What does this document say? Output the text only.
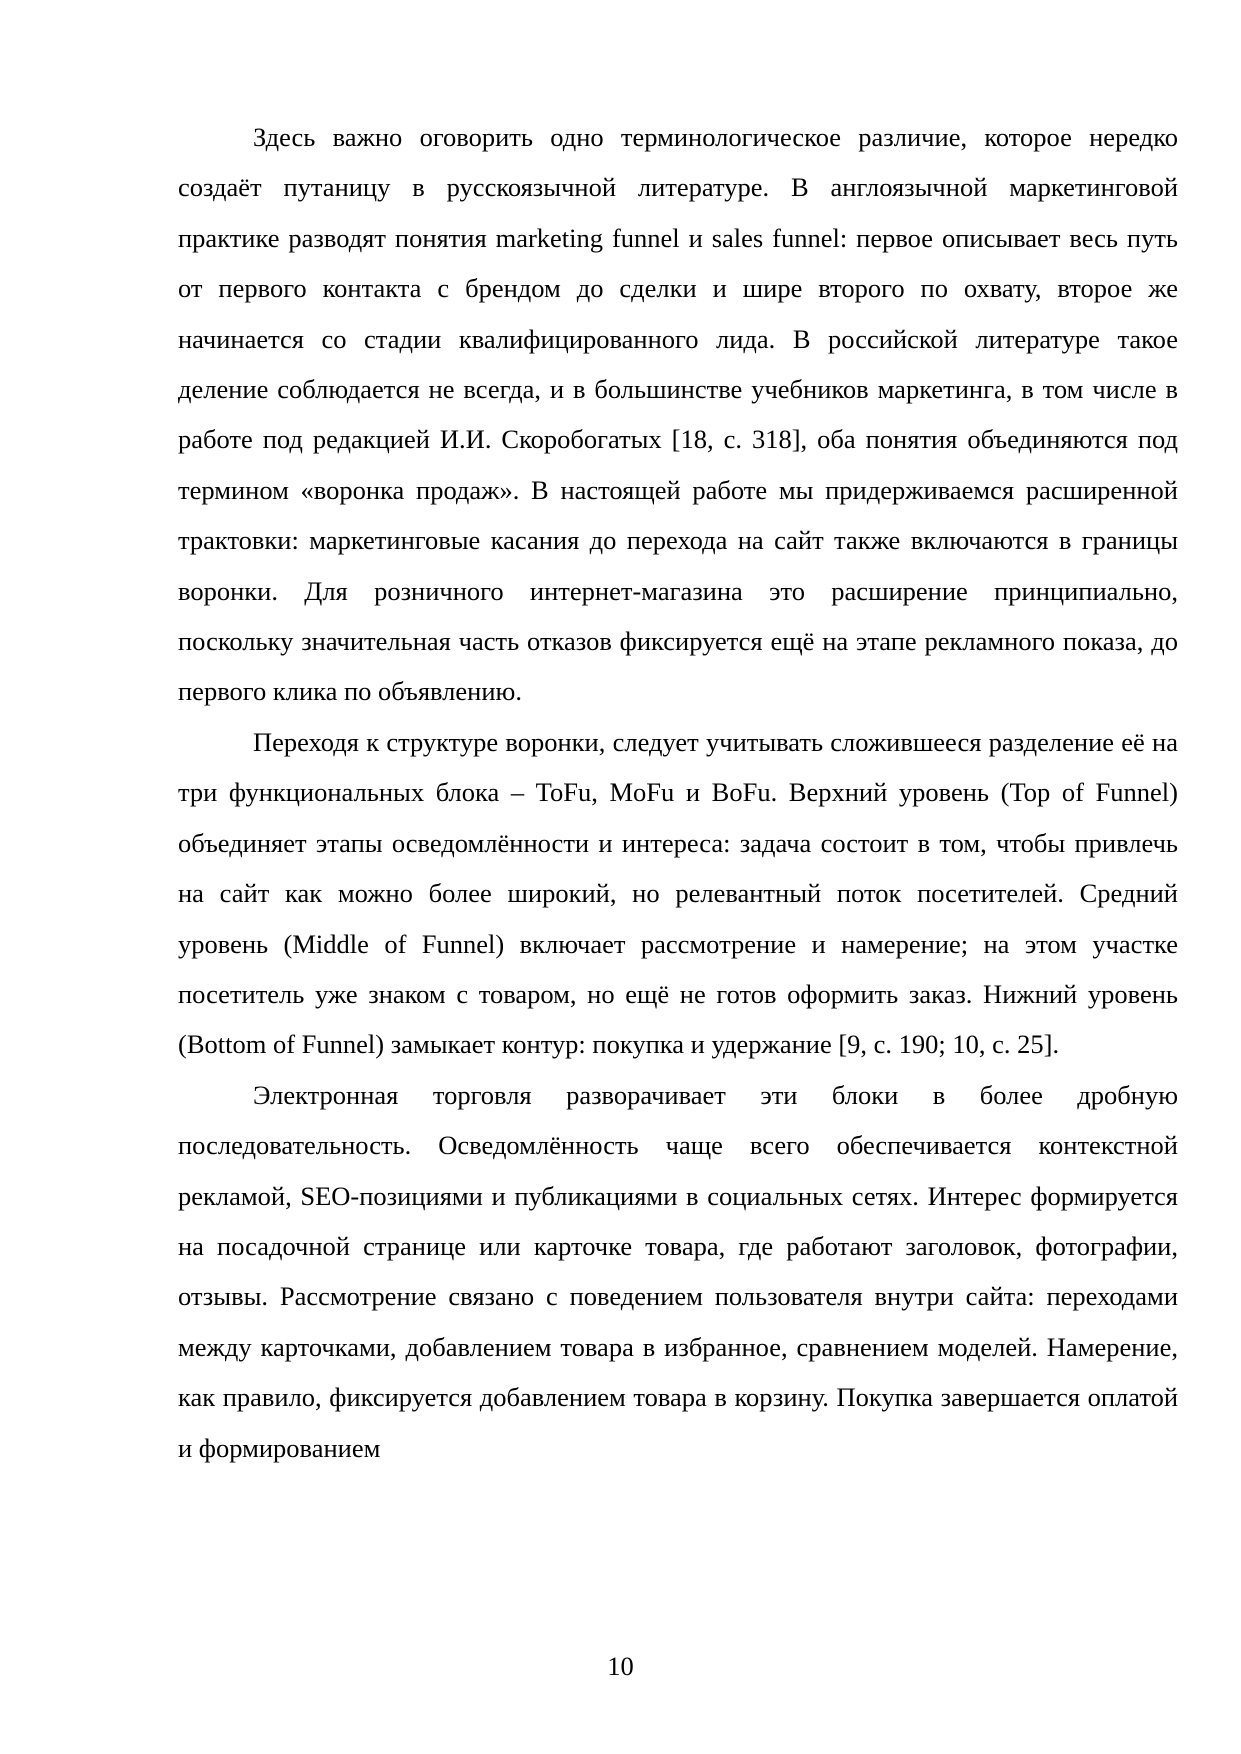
Здесь важно оговорить одно терминологическое различие, которое нередко создаёт путаницу в русскоязычной литературе. В англоязычной маркетинговой практике разводят понятия marketing funnel и sales funnel: первое описывает весь путь от первого контакта с брендом до сделки и шире второго по охвату, второе же начинается со стадии квалифицированного лида. В российской литературе такое деление соблюдается не всегда, и в большинстве учебников маркетинга, в том числе в работе под редакцией И.И. Скоробогатых [18, с. 318], оба понятия объединяются под термином «воронка продаж». В настоящей работе мы придерживаемся расширенной трактовки: маркетинговые касания до перехода на сайт также включаются в границы воронки. Для розничного интернет-магазина это расширение принципиально, поскольку значительная часть отказов фиксируется ещё на этапе рекламного показа, до первого клика по объявлению.

Переходя к структуре воронки, следует учитывать сложившееся разделение её на три функциональных блока – ToFu, MoFu и BoFu. Верхний уровень (Top of Funnel) объединяет этапы осведомлённости и интереса: задача состоит в том, чтобы привлечь на сайт как можно более широкий, но релевантный поток посетителей. Средний уровень (Middle of Funnel) включает рассмотрение и намерение; на этом участке посетитель уже знаком с товаром, но ещё не готов оформить заказ. Нижний уровень (Bottom of Funnel) замыкает контур: покупка и удержание [9, с. 190; 10, с. 25].

Электронная торговля разворачивает эти блоки в более дробную последовательность. Осведомлённость чаще всего обеспечивается контекстной рекламой, SEO-позициями и публикациями в социальных сетях. Интерес формируется на посадочной странице или карточке товара, где работают заголовок, фотографии, отзывы. Рассмотрение связано с поведением пользователя внутри сайта: переходами между карточками, добавлением товара в избранное, сравнением моделей. Намерение, как правило, фиксируется добавлением товара в корзину. Покупка завершается оплатой и формированием

10
